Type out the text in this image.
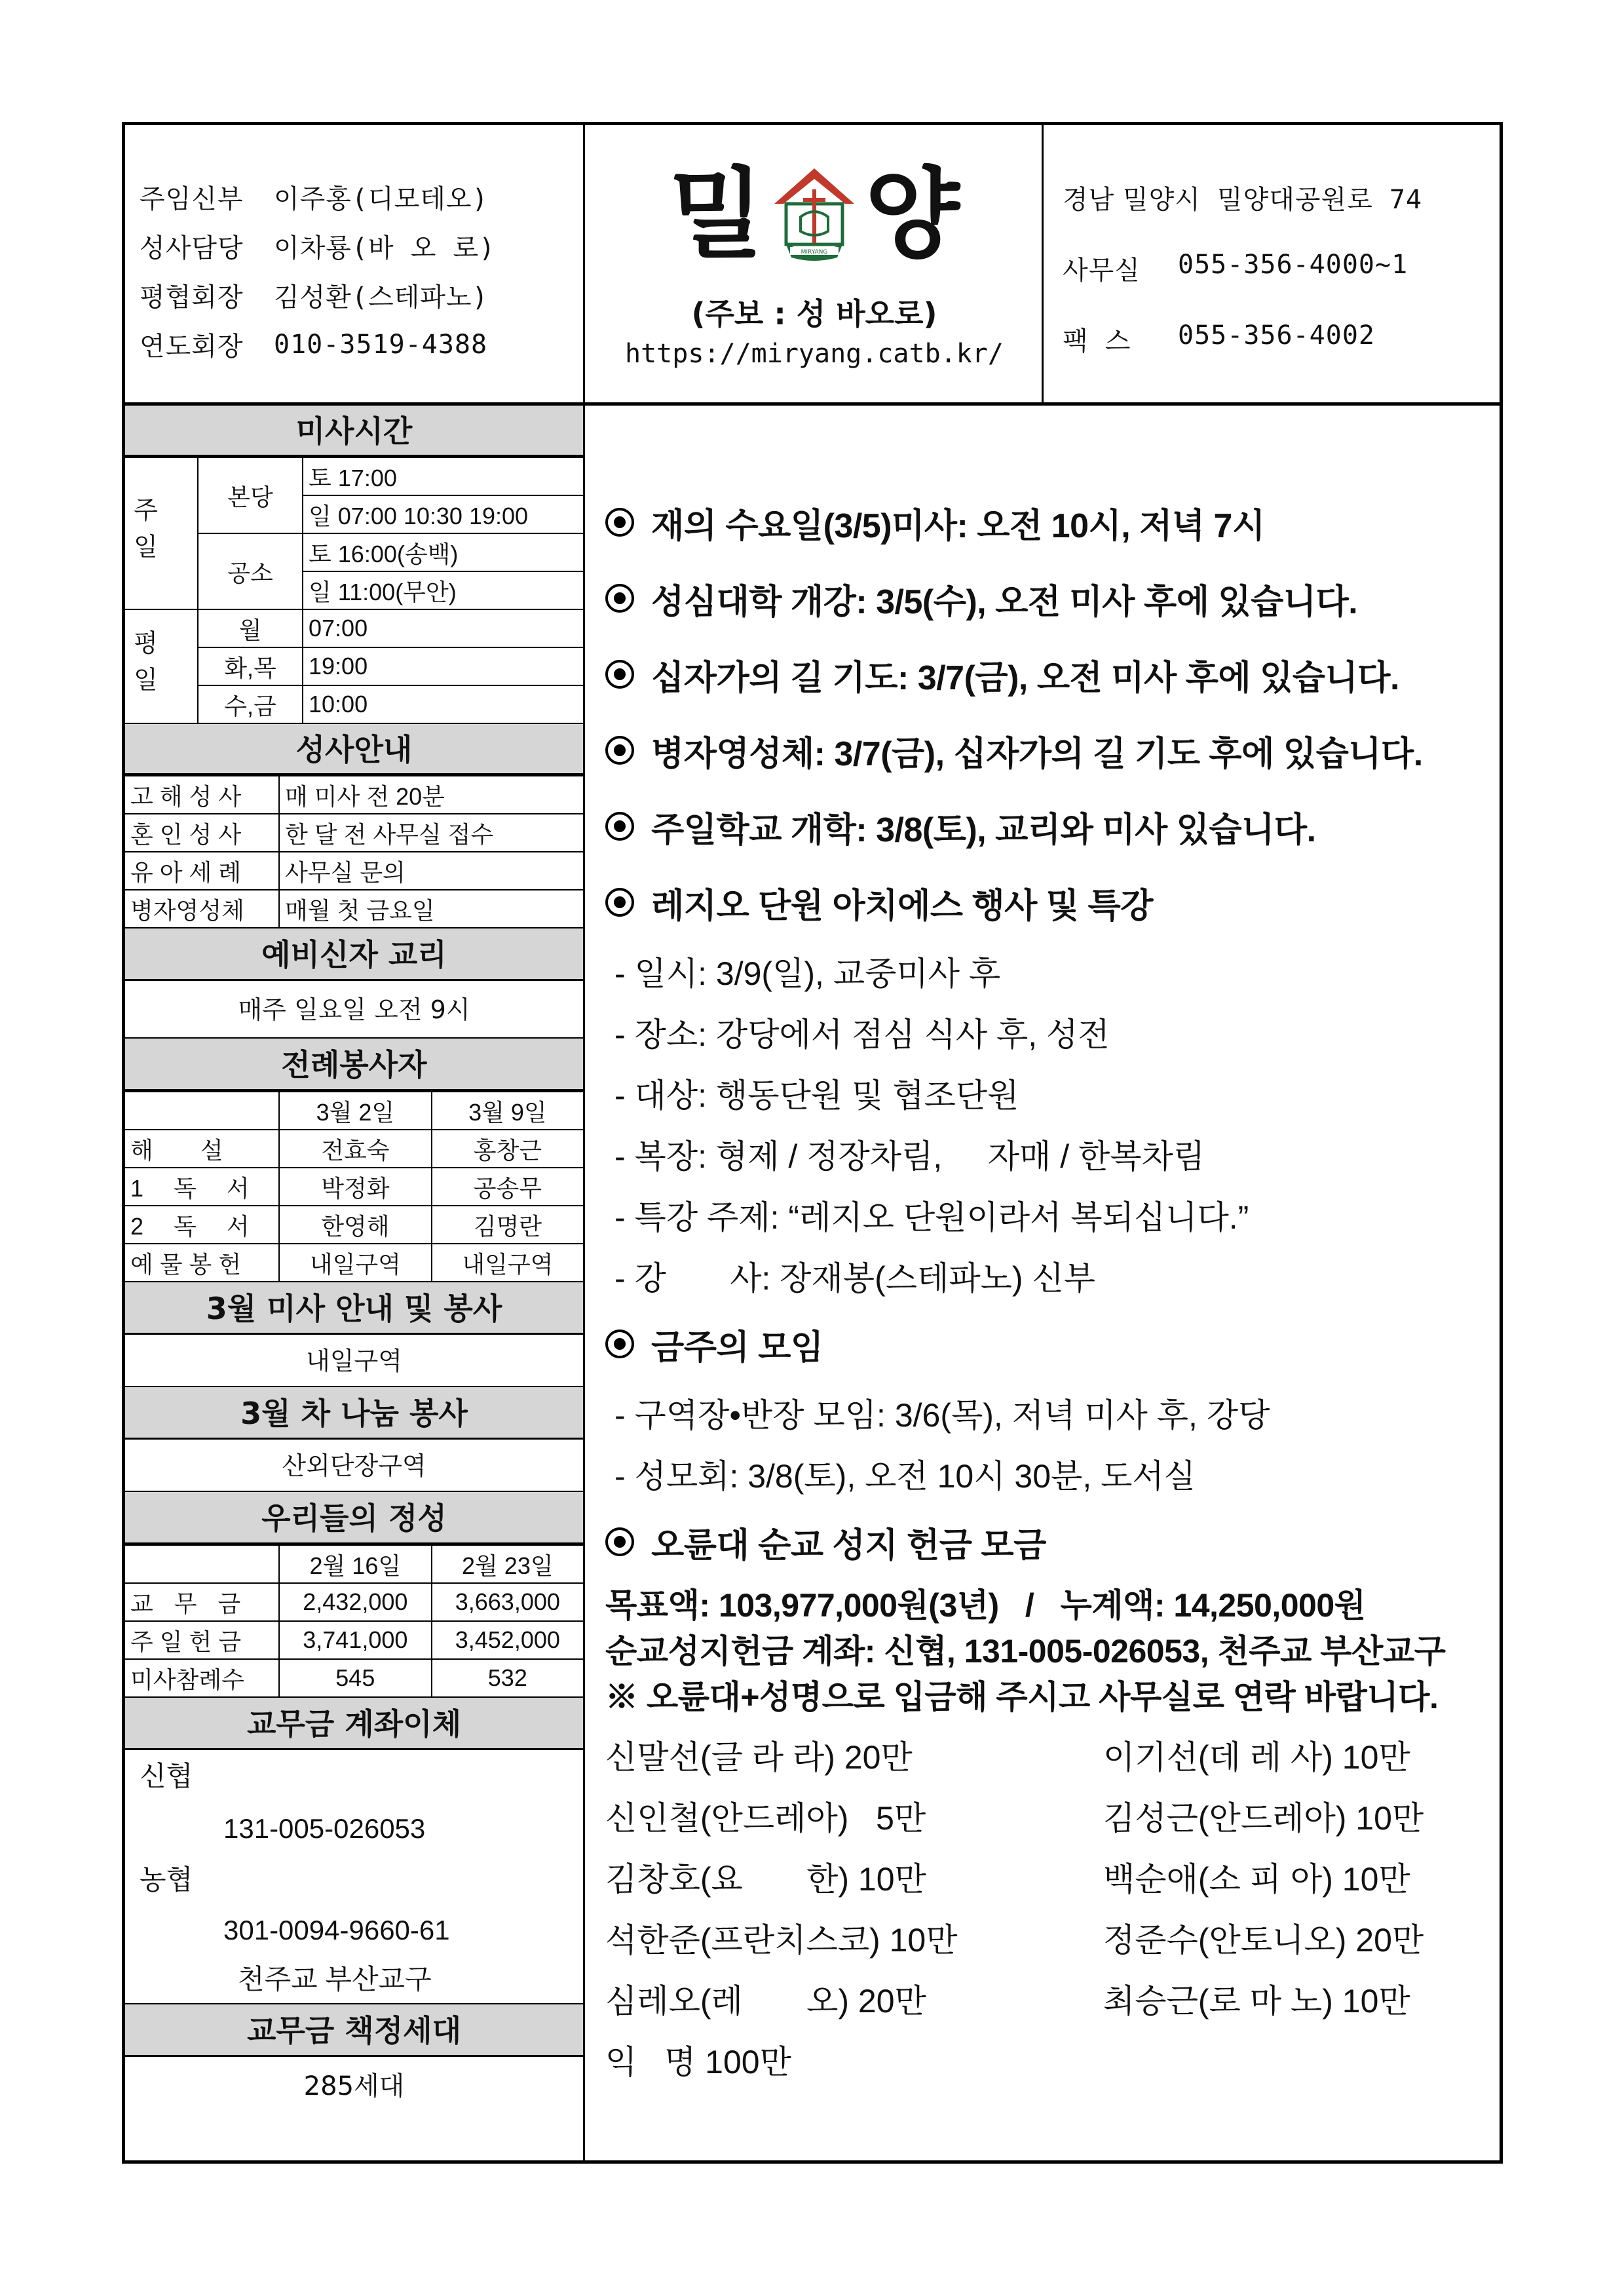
주임신부	이주홍(디모테오)
성사담당	이차룡(바 오 로)
평협회장	김성환(스테파노)
연도회장	010-3519-4388
밀	MIRYANG 양
(주보 : 성 바오로)
https://miryang.catb.kr/
경남 밀양시 밀양대공원로 74
사무실	055-356-4000~1
팩 스	055-356-4002
미사시간
주일	본당	토 17:00
		일 07:00 10:30 19:00
	공소	토 16:00(송백)
		일 11:00(무안)

평일	월	07:00
	화,목	19:00
	수,금	10:00
성사안내
고해성사	매 미사 전 20분
혼인성사	한 달 전 사무실 접수
유아세례	사무실 문의
병자영성체	매월 첫 금요일
예비신자 교리
매주 일요일 오전 9시
전례봉사자
	3월 2일	3월 9일
해설	전효숙	홍창근
1 독 서	박정화	공송무
2 독 서	한영해	김명란
예물봉헌	내일구역	내일구역
3월 미사 안내 및 봉사
내일구역
3월 차 나눔 봉사
산외단장구역
우리들의 정성
	2월 16일	2월 23일
교무금	2,432,000	3,663,000
주일헌금	3,741,000	3,452,000
미사참례수	545	532
교무금 계좌이체
신협
131-005-026053
농협
301-0094-9660-61
천주교 부산교구
교무금 책정세대
285세대
재의 수요일(3/5)미사: 오전 10시, 저녁 7시
성심대학 개강: 3/5(수), 오전 미사 후에 있습니다.
십자가의 길 기도: 3/7(금), 오전 미사 후에 있습니다.
병자영성체: 3/7(금), 십자가의 길 기도 후에 있습니다.
주일학교 개학: 3/8(토), 교리와 미사 있습니다.
레지오 단원 아치에스 행사 및 특강
- 일시: 3/9(일), 교중미사 후
- 장소: 강당에서 점심 식사 후, 성전
- 대상: 행동단원 및 협조단원
- 복장: 형제 / 정장차림,     자매 / 한복차림
- 특강 주제: “레지오 단원이라서 복되십니다.”
- 강       사: 장재봉(스테파노) 신부
금주의 모임
- 구역장•반장 모임: 3/6(목), 저녁 미사 후, 강당
- 성모회: 3/8(토), 오전 10시 30분, 도서실
오륜대 순교 성지 헌금 모금
목표액: 103,977,000원(3년)   /   누계액: 14,250,000원
순교성지헌금 계좌: 신협, 131-005-026053, 천주교 부산교구
※ 오륜대+성명으로 입금해 주시고 사무실로 연락 바랍니다.
신말선(글 라 라) 20만	이기선(데 레 사) 10만
신인철(안드레아)   5만	김성근(안드레아) 10만
김창호(요       한) 10만	백순애(소 피 아) 10만
석한준(프란치스코) 10만	정준수(안토니오) 20만
심레오(레       오) 20만	최승근(로 마 노) 10만
익   명 100만
